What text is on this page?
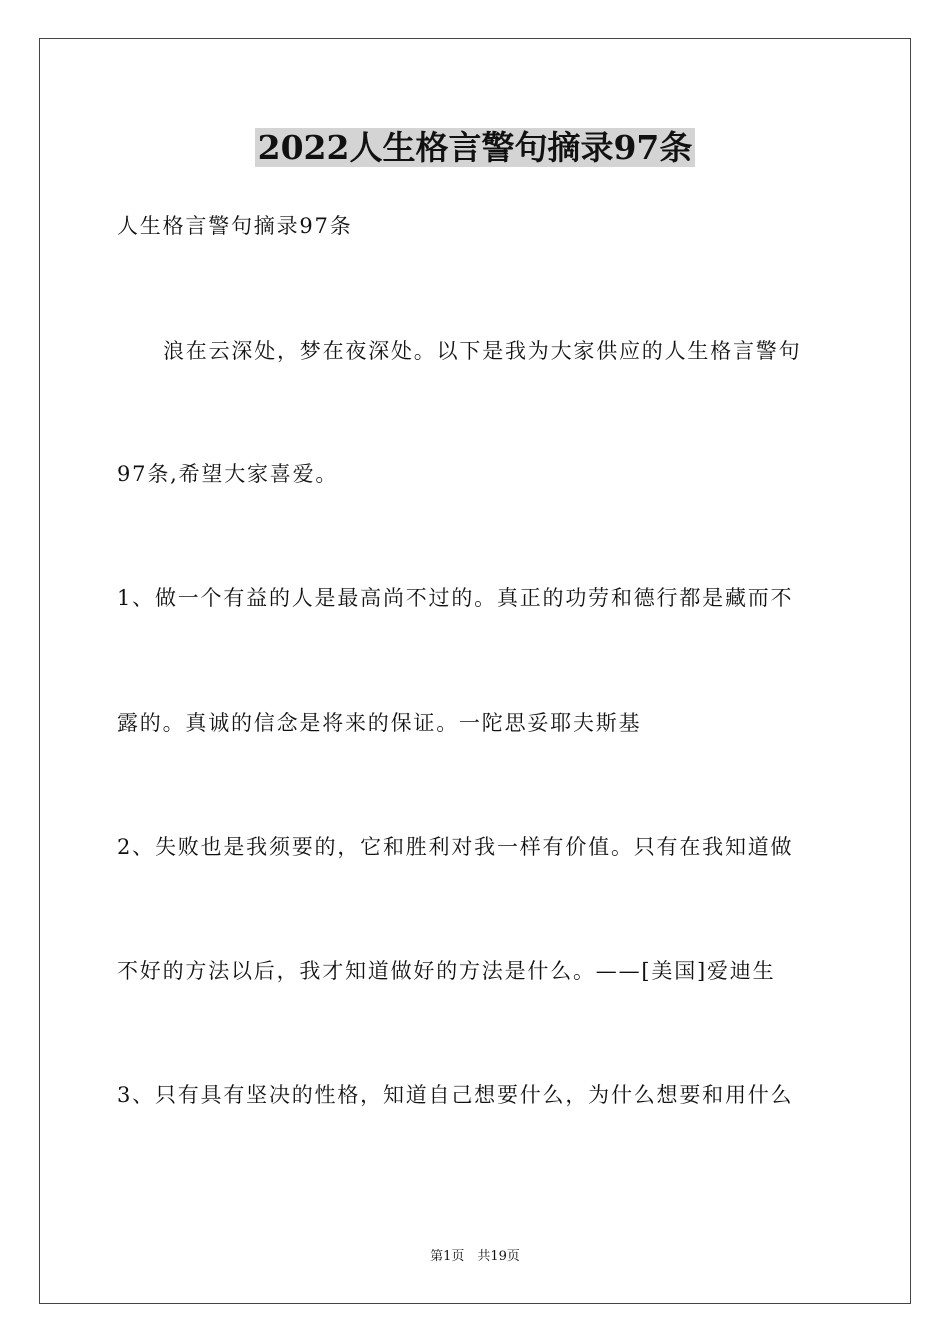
2022人生格言警句摘录97条
人生格言警句摘录97条
浪在云深处，梦在夜深处。以下是我为大家供应的人生格言警句
97条,希望大家喜爱。
1、做一个有益的人是最高尚不过的。真正的功劳和德行都是藏而不
露的。真诚的信念是将来的保证。一陀思妥耶夫斯基
2、失败也是我须要的，它和胜利对我一样有价值。只有在我知道做
不好的方法以后，我才知道做好的方法是什么。——[美国]爱迪生
3、只有具有坚决的性格，知道自己想要什么，为什么想要和用什么
第1页　共19页
